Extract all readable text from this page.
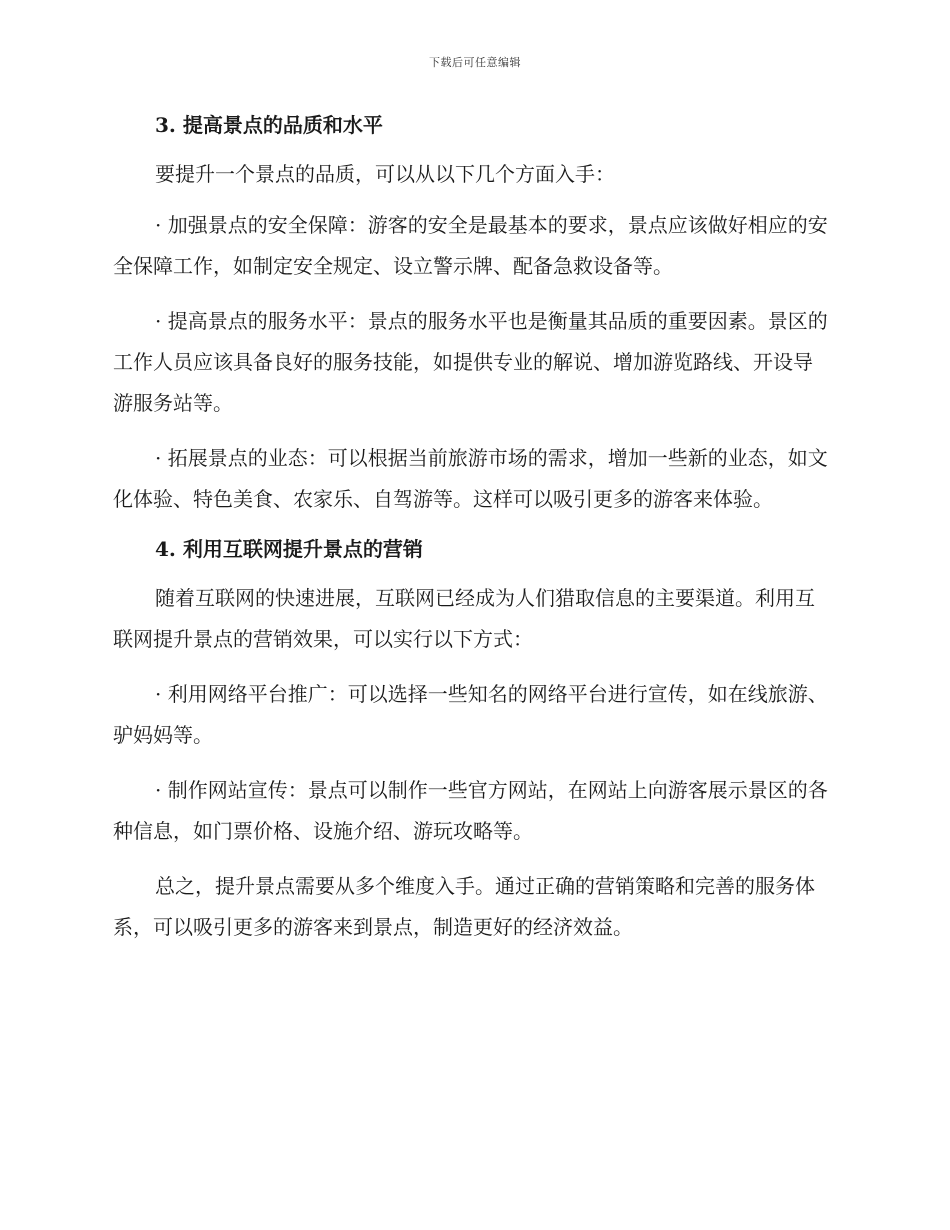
下载后可任意编辑
3. 提高景点的品质和水平

要提升一个景点的品质，可以从以下几个方面入手：

· 加强景点的安全保障：游客的安全是最基本的要求，景点应该做好相应的安全保障工作，如制定安全规定、设立警示牌、配备急救设备等。

· 提高景点的服务水平：景点的服务水平也是衡量其品质的重要因素。景区的工作人员应该具备良好的服务技能，如提供专业的解说、增加游览路线、开设导游服务站等。

· 拓展景点的业态：可以根据当前旅游市场的需求，增加一些新的业态，如文化体验、特色美食、农家乐、自驾游等。这样可以吸引更多的游客来体验。

4. 利用互联网提升景点的营销

随着互联网的快速进展，互联网已经成为人们猎取信息的主要渠道。利用互联网提升景点的营销效果，可以实行以下方式：

· 利用网络平台推广：可以选择一些知名的网络平台进行宣传，如在线旅游、驴妈妈等。

· 制作网站宣传：景点可以制作一些官方网站，在网站上向游客展示景区的各种信息，如门票价格、设施介绍、游玩攻略等。

总之，提升景点需要从多个维度入手。通过正确的营销策略和完善的服务体系，可以吸引更多的游客来到景点，制造更好的经济效益。
